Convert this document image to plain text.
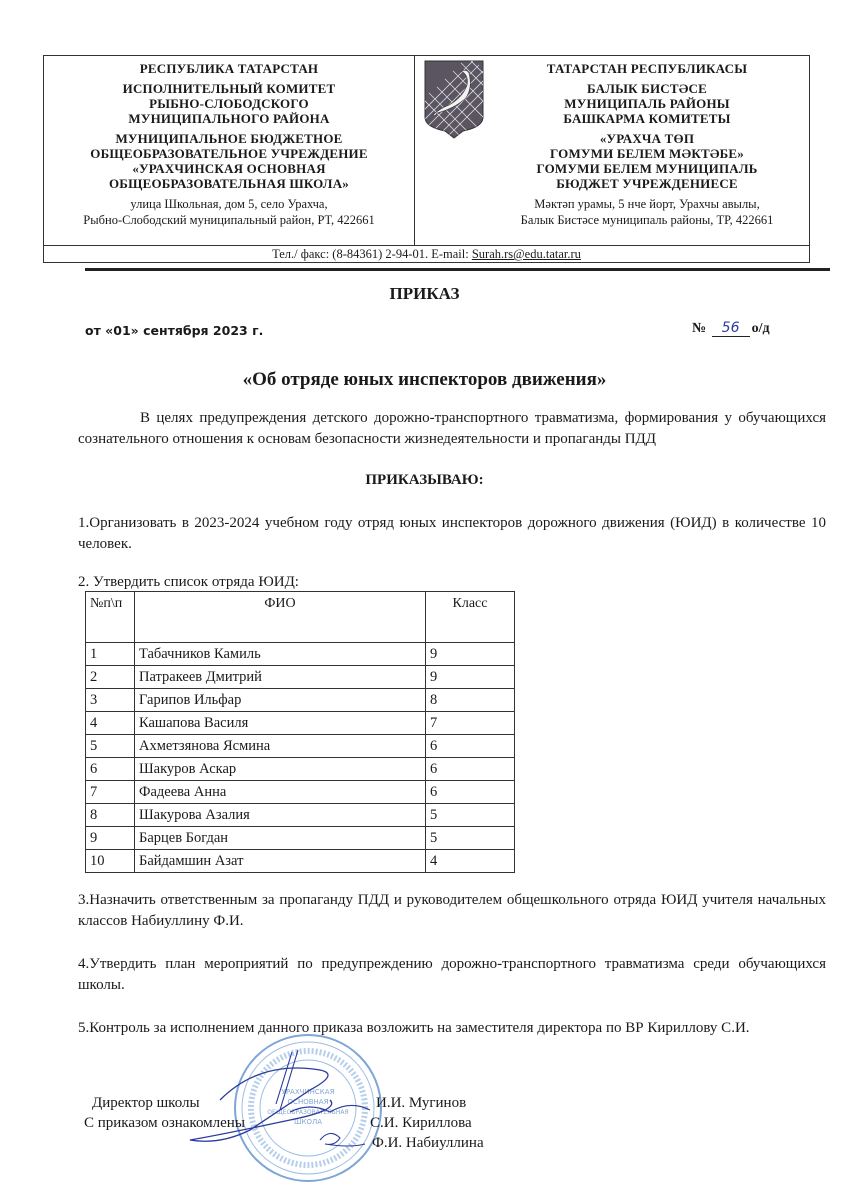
РЕСПУБЛИКА ТАТАРСТАН
ИСПОЛНИТЕЛЬНЫЙ КОМИТЕТ
РЫБНО-СЛОБОДСКОГО
МУНИЦИПАЛЬНОГО РАЙОНА
МУНИЦИПАЛЬНОЕ БЮДЖЕТНОЕ
ОБЩЕОБРАЗОВАТЕЛЬНОЕ УЧРЕЖДЕНИЕ
«УРАХЧИНСКАЯ ОСНОВНАЯ
ОБЩЕОБРАЗОВАТЕЛЬНАЯ ШКОЛА»
улица Школьная, дом 5, село Урахча,
Рыбно-Слободский муниципальный район, РТ, 422661
ТАТАРСТАН РЕСПУБЛИКАСЫ
БАЛЫК БИСТӘСЕ
МУНИЦИПАЛЬ РАЙОНЫ
БАШКАРМА КОМИТЕТЫ
«УРАХЧА ТӨП
ГОМУМИ БЕЛЕМ МӘКТӘБЕ»
ГОМУМИ БЕЛЕМ МУНИЦИПАЛЬ
БЮДЖЕТ УЧРЕЖДЕНИЕСЕ
Мәктәп урамы, 5 нче йорт, Урахчы авылы,
Балык Бистәсе муниципаль районы, ТР, 422661
Тел./ факс: (8-84361) 2-94-01. E-mail: Surah.rs@edu.tatar.ru
ПРИКАЗ
от «01» сентября 2023 г.	№ 56 о/д
«Об отряде юных инспекторов движения»
В целях предупреждения детского дорожно-транспортного травматизма, формирования у обучающихся сознательного отношения к основам безопасности жизнедеятельности и пропаганды ПДД
ПРИКАЗЫВАЮ:
1.Организовать в 2023-2024 учебном году отряд юных инспекторов дорожного движения (ЮИД) в количестве 10 человек.
2. Утвердить список отряда ЮИД:
№п\п	ФИО	Класс
1	Табачников Камиль	9
2	Патракеев Дмитрий	9
3	Гарипов Ильфар	8
4	Кашапова Василя	7
5	Ахметзянова Ясмина	6
6	Шакуров Аскар	6
7	Фадеева Анна	6
8	Шакурова Азалия	5
9	Барцев Богдан	5
10	Байдамшин Азат	4
3.Назначить ответственным за пропаганду ПДД и руководителем общешкольного отряда ЮИД учителя начальных классов Набиуллину Ф.И.
4.Утвердить план мероприятий по предупреждению дорожно-транспортного травматизма среди обучающихся школы.
5.Контроль за исполнением данного приказа возложить на заместителя директора по ВР Кириллову С.И.
УРАХЧИНСКАЯ
ОСНОВНАЯ
ОБЩЕОБРАЗОВАТЕЛЬНАЯ
ШКОЛА
Директор школы	И.И. Мугинов
С приказом ознакомлены	С.И. Кириллова
Ф.И. Набиуллина
